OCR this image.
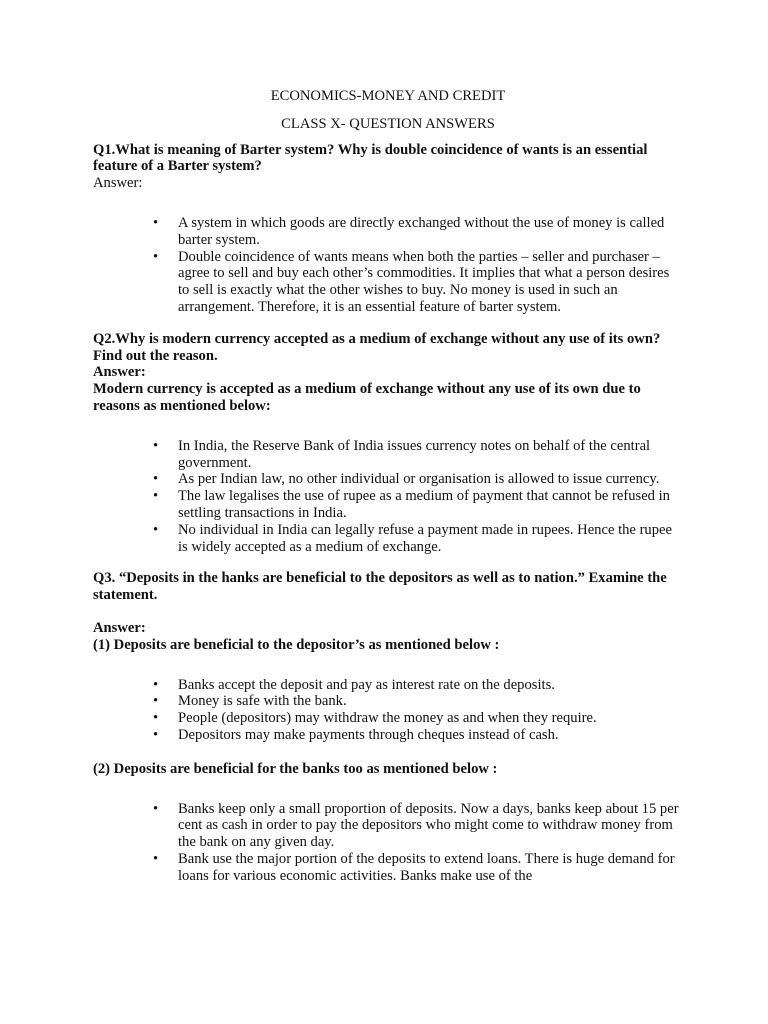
ECONOMICS-MONEY AND CREDIT

CLASS X- QUESTION ANSWERS

Q1.What is meaning of Barter system? Why is double coincidence of wants is an essential feature of a Barter system?

Answer:

• A system in which goods are directly exchanged without the use of money is called barter system.
• Double coincidence of wants means when both the parties – seller and purchaser – agree to sell and buy each other’s commodities. It implies that what a person desires to sell is exactly what the other wishes to buy. No money is used in such an arrangement. Therefore, it is an essential feature of barter system.

Q2.Why is modern currency accepted as a medium of exchange without any use of its own? Find out the reason.

Answer:

Modern currency is accepted as a medium of exchange without any use of its own due to reasons as mentioned below:

• In India, the Reserve Bank of India issues currency notes on behalf of the central government.
• As per Indian law, no other individual or organisation is allowed to issue currency.
• The law legalises the use of rupee as a medium of payment that cannot be refused in settling transactions in India.
• No individual in India can legally refuse a payment made in rupees. Hence the rupee is widely accepted as a medium of exchange.

Q3. “Deposits in the hanks are beneficial to the depositors as well as to nation.” Examine the statement.

Answer:

(1) Deposits are beneficial to the depositor’s as mentioned below :

• Banks accept the deposit and pay as interest rate on the deposits.
• Money is safe with the bank.
• People (depositors) may withdraw the money as and when they require.
• Depositors may make payments through cheques instead of cash.

(2) Deposits are beneficial for the banks too as mentioned below :

• Banks keep only a small proportion of deposits. Now a days, banks keep about 15 per cent as cash in order to pay the depositors who might come to withdraw money from the bank on any given day.
• Bank use the major portion of the deposits to extend loans. There is huge demand for loans for various economic activities. Banks make use of the
